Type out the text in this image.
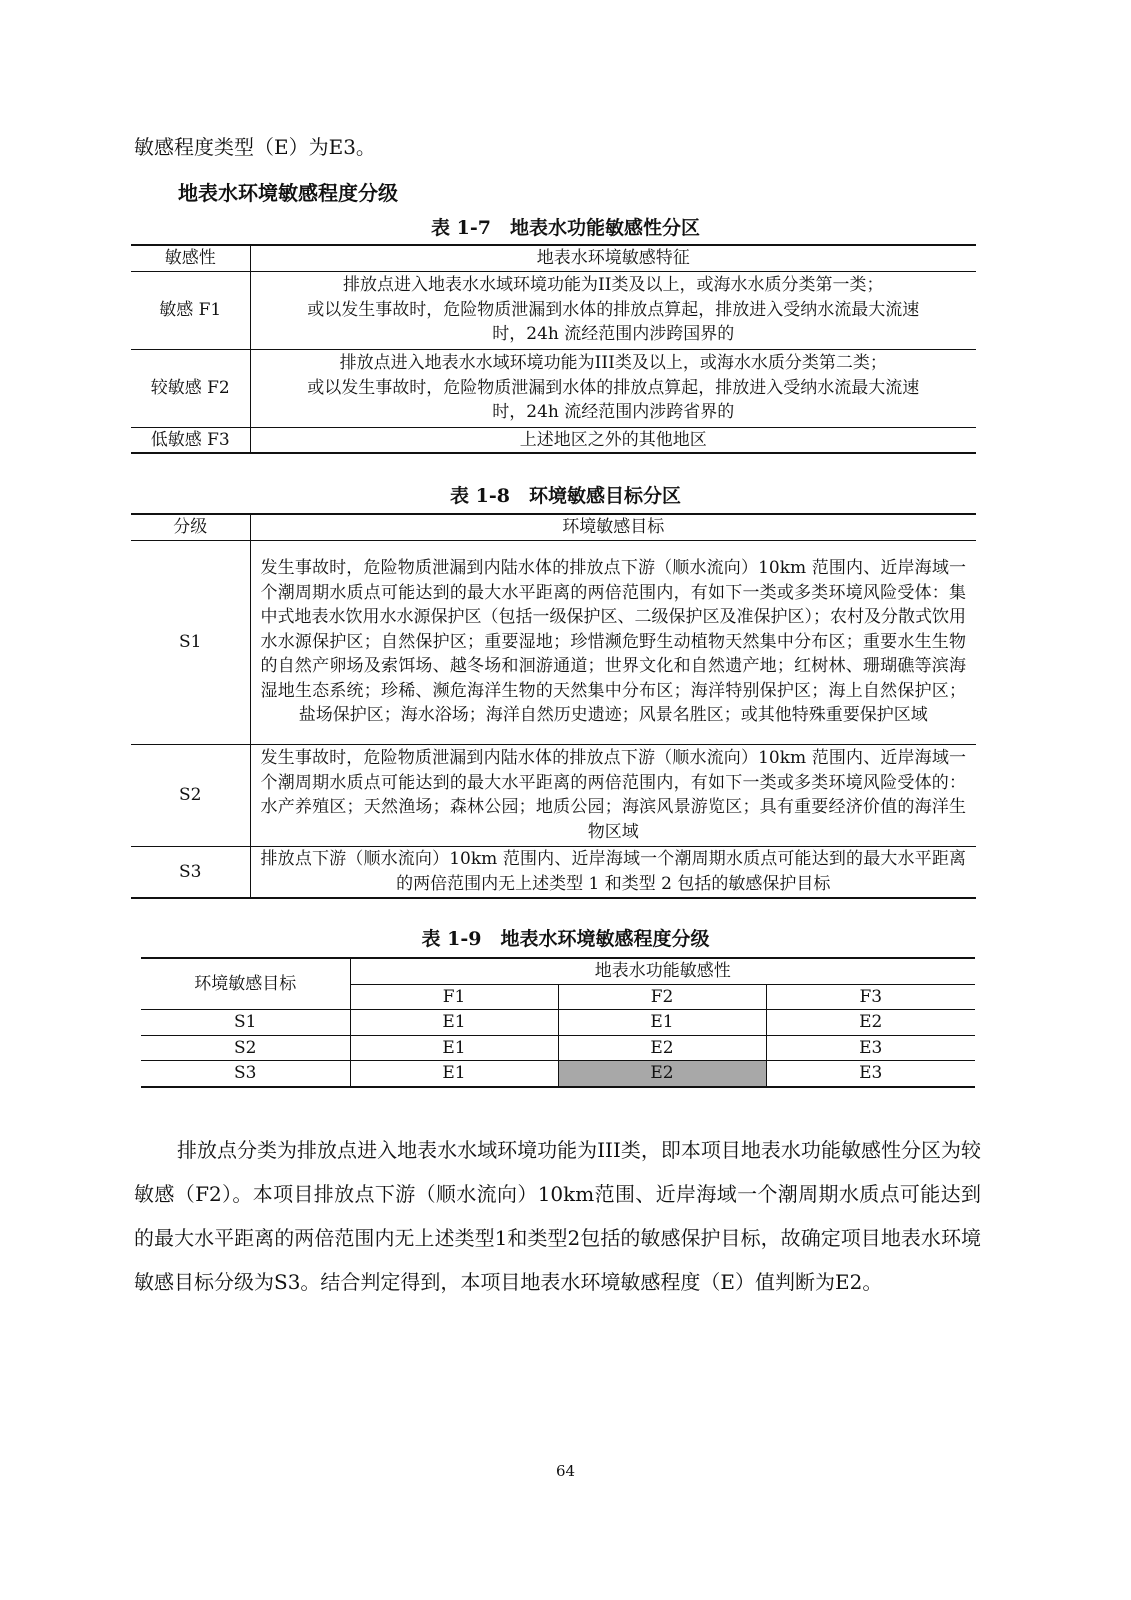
敏感程度类型（E）为E3。
地表水环境敏感程度分级
表 1-7　地表水功能敏感性分区
敏感性	地表水环境敏感特征
敏感 F1	排放点进入地表水水域环境功能为II类及以上，或海水水质分类第一类；
或以发生事故时，危险物质泄漏到水体的排放点算起，排放进入受纳水流最大流速
时，24h 流经范围内涉跨国界的

较敏感 F2	排放点进入地表水水域环境功能为III类及以上，或海水水质分类第二类；
或以发生事故时，危险物质泄漏到水体的排放点算起，排放进入受纳水流最大流速
时，24h 流经范围内涉跨省界的

低敏感 F3	上述地区之外的其他地区
表 1-8　环境敏感目标分区
分级	环境敏感目标
S1	发生事故时，危险物质泄漏到内陆水体的排放点下游（顺水流向）10km 范围内、近岸海域一个潮周期水质点可能达到的最大水平距离的两倍范围内，有如下一类或多类环境风险受体：集中式地表水饮用水水源保护区（包括一级保护区、二级保护区及准保护区）；农村及分散式饮用水水源保护区；自然保护区；重要湿地；珍惜濒危野生动植物天然集中分布区；重要水生生物的自然产卵场及索饵场、越冬场和洄游通道；世界文化和自然遗产地；红树林、珊瑚礁等滨海湿地生态系统；珍稀、濒危海洋生物的天然集中分布区；海洋特别保护区；海上自然保护区；盐场保护区；海水浴场；海洋自然历史遗迹；风景名胜区；或其他特殊重要保护区域
S2	发生事故时，危险物质泄漏到内陆水体的排放点下游（顺水流向）10km 范围内、近岸海域一个潮周期水质点可能达到的最大水平距离的两倍范围内，有如下一类或多类环境风险受体的：水产养殖区；天然渔场；森林公园；地质公园；海滨风景游览区；具有重要经济价值的海洋生物区域
S3	排放点下游（顺水流向）10km 范围内、近岸海域一个潮周期水质点可能达到的最大水平距离的两倍范围内无上述类型 1 和类型 2 包括的敏感保护目标
表 1-9　地表水环境敏感程度分级
环境敏感目标	地表水功能敏感性		
	F1	F2	F3
S1	E1	E1	E2
S2	E1	E2	E3
S3	E1	E2	E3

排放点分类为排放点进入地表水水域环境功能为III类，即本项目地表水功能敏感性分区为较敏感（F2）。本项目排放点下游（顺水流向）10km范围、近岸海域一个潮周期水质点可能达到的最大水平距离的两倍范围内无上述类型1和类型2包括的敏感保护目标，故确定项目地表水环境敏感目标分级为S3。结合判定得到，本项目地表水环境敏感程度（E）值判断为E2。

64
